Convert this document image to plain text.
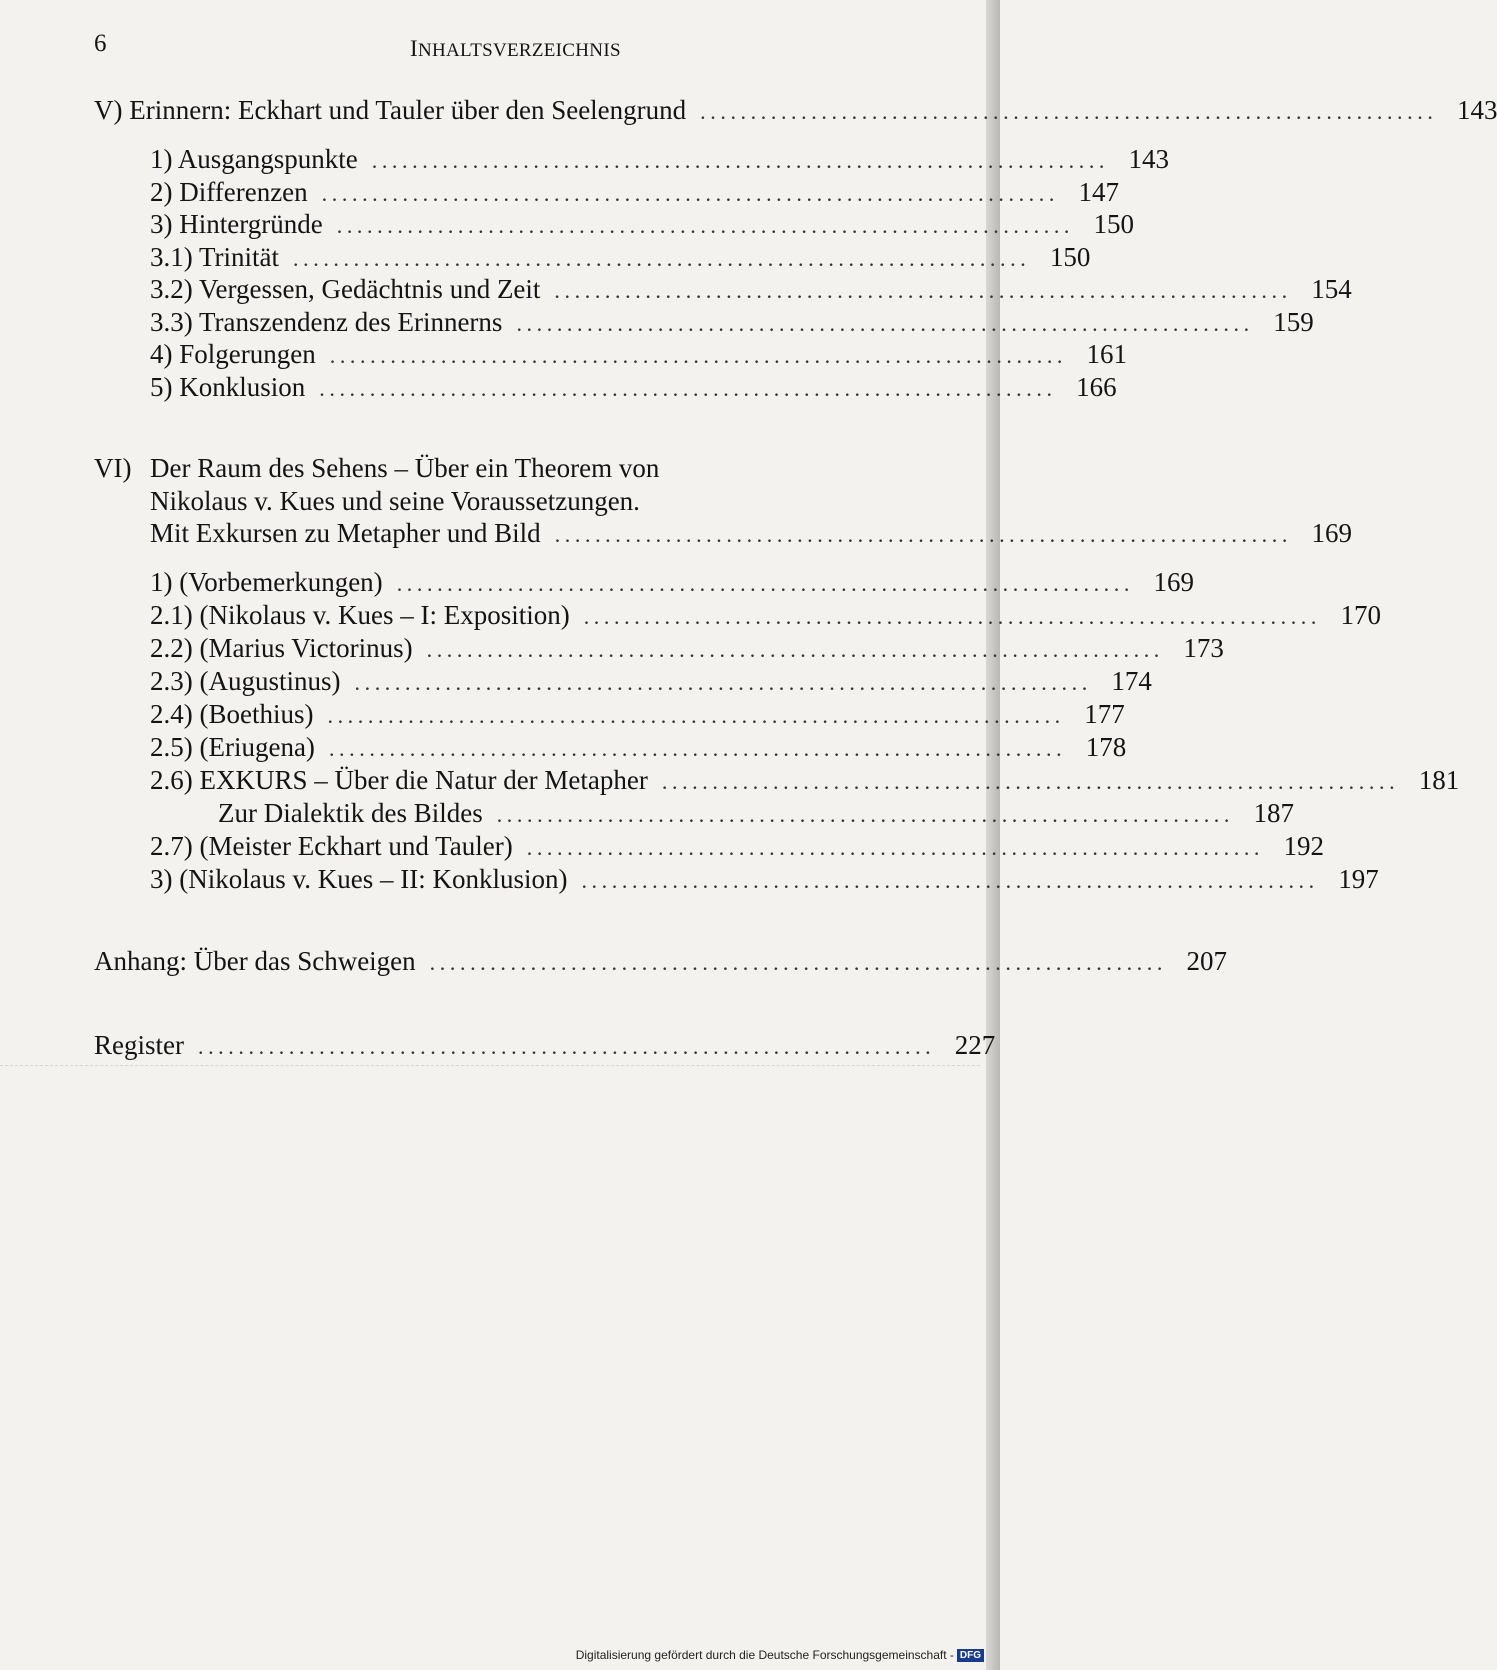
6	INHALTSVERZEICHNIS
V) Erinnern: Eckhart und Tauler über den Seelengrund ......................................................................... 143
1) Ausgangspunkte ......................................................................... 143
2) Differenzen ......................................................................... 147
3) Hintergründe ......................................................................... 150
3.1) Trinität ......................................................................... 150
3.2) Vergessen, Gedächtnis und Zeit ......................................................................... 154
3.3) Transzendenz des Erinnerns ......................................................................... 159
4) Folgerungen ......................................................................... 161
5) Konklusion ......................................................................... 166
VI) Der Raum des Sehens – Über ein Theorem von
Nikolaus v. Kues und seine Voraussetzungen.
Mit Exkursen zu Metapher und Bild ......................................................................... 169
1) (Vorbemerkungen) ......................................................................... 169
2.1) (Nikolaus v. Kues – I: Exposition) ......................................................................... 170
2.2) (Marius Victorinus) ......................................................................... 173
2.3) (Augustinus) ......................................................................... 174
2.4) (Boethius) ......................................................................... 177
2.5) (Eriugena) ......................................................................... 178
2.6) EXKURS – Über die Natur der Metapher ......................................................................... 181
Zur Dialektik des Bildes ......................................................................... 187
2.7) (Meister Eckhart und Tauler) ......................................................................... 192
3) (Nikolaus v. Kues – II: Konklusion) ......................................................................... 197
Anhang: Über das Schweigen ......................................................................... 207
Register ......................................................................... 227
Digitalisierung gefördert durch die Deutsche Forschungsgemeinschaft - DFG
